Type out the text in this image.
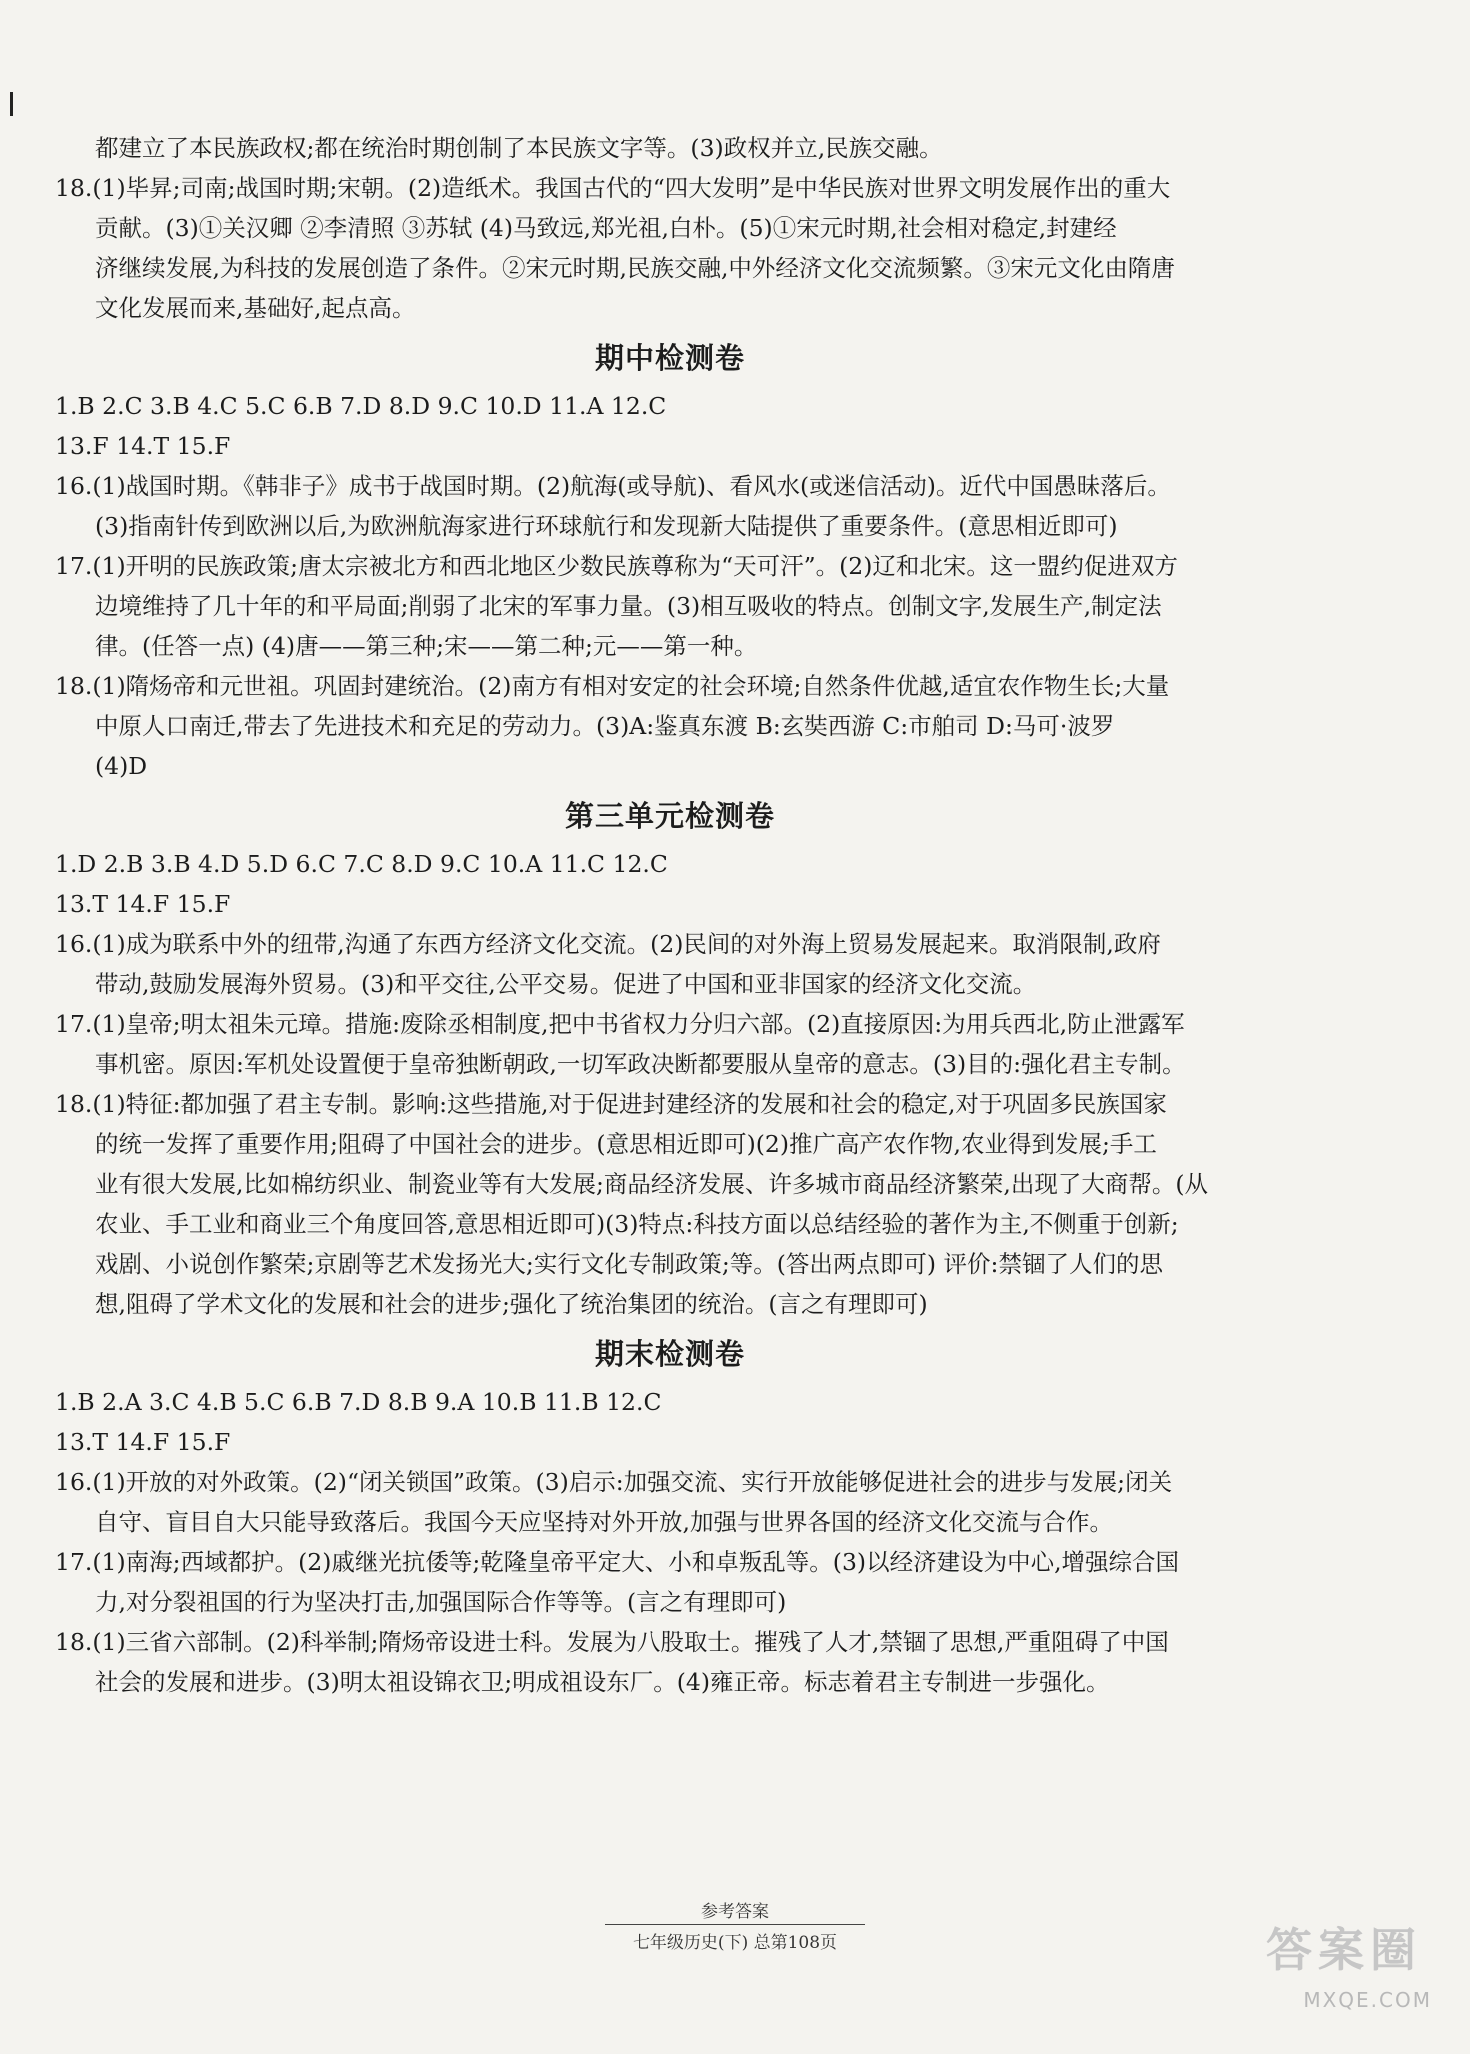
都建立了本民族政权;都在统治时期创制了本民族文字等。(3)政权并立,民族交融。
18.(1)毕昇;司南;战国时期;宋朝。(2)造纸术。我国古代的“四大发明”是中华民族对世界文明发展作出的重大
贡献。(3)①关汉卿 ②李清照 ③苏轼 (4)马致远,郑光祖,白朴。(5)①宋元时期,社会相对稳定,封建经
济继续发展,为科技的发展创造了条件。②宋元时期,民族交融,中外经济文化交流频繁。③宋元文化由隋唐
文化发展而来,基础好,起点高。
期中检测卷
1.B 2.C 3.B 4.C 5.C 6.B 7.D 8.D 9.C 10.D 11.A 12.C
13.F 14.T 15.F
16.(1)战国时期。《韩非子》成书于战国时期。(2)航海(或导航)、看风水(或迷信活动)。近代中国愚昧落后。
(3)指南针传到欧洲以后,为欧洲航海家进行环球航行和发现新大陆提供了重要条件。(意思相近即可)
17.(1)开明的民族政策;唐太宗被北方和西北地区少数民族尊称为“天可汗”。(2)辽和北宋。这一盟约促进双方
边境维持了几十年的和平局面;削弱了北宋的军事力量。(3)相互吸收的特点。创制文字,发展生产,制定法
律。(任答一点) (4)唐——第三种;宋——第二种;元——第一种。
18.(1)隋炀帝和元世祖。巩固封建统治。(2)南方有相对安定的社会环境;自然条件优越,适宜农作物生长;大量
中原人口南迁,带去了先进技术和充足的劳动力。(3)A:鉴真东渡 B:玄奘西游 C:市舶司 D:马可·波罗
(4)D
第三单元检测卷
1.D 2.B 3.B 4.D 5.D 6.C 7.C 8.D 9.C 10.A 11.C 12.C
13.T 14.F 15.F
16.(1)成为联系中外的纽带,沟通了东西方经济文化交流。(2)民间的对外海上贸易发展起来。取消限制,政府
带动,鼓励发展海外贸易。(3)和平交往,公平交易。促进了中国和亚非国家的经济文化交流。
17.(1)皇帝;明太祖朱元璋。措施:废除丞相制度,把中书省权力分归六部。(2)直接原因:为用兵西北,防止泄露军
事机密。原因:军机处设置便于皇帝独断朝政,一切军政决断都要服从皇帝的意志。(3)目的:强化君主专制。
18.(1)特征:都加强了君主专制。影响:这些措施,对于促进封建经济的发展和社会的稳定,对于巩固多民族国家
的统一发挥了重要作用;阻碍了中国社会的进步。(意思相近即可)(2)推广高产农作物,农业得到发展;手工
业有很大发展,比如棉纺织业、制瓷业等有大发展;商品经济发展、许多城市商品经济繁荣,出现了大商帮。(从
农业、手工业和商业三个角度回答,意思相近即可)(3)特点:科技方面以总结经验的著作为主,不侧重于创新;
戏剧、小说创作繁荣;京剧等艺术发扬光大;实行文化专制政策;等。(答出两点即可) 评价:禁锢了人们的思
想,阻碍了学术文化的发展和社会的进步;强化了统治集团的统治。(言之有理即可)
期末检测卷
1.B 2.A 3.C 4.B 5.C 6.B 7.D 8.B 9.A 10.B 11.B 12.C
13.T 14.F 15.F
16.(1)开放的对外政策。(2)“闭关锁国”政策。(3)启示:加强交流、实行开放能够促进社会的进步与发展;闭关
自守、盲目自大只能导致落后。我国今天应坚持对外开放,加强与世界各国的经济文化交流与合作。
17.(1)南海;西域都护。(2)戚继光抗倭等;乾隆皇帝平定大、小和卓叛乱等。(3)以经济建设为中心,增强综合国
力,对分裂祖国的行为坚决打击,加强国际合作等等。(言之有理即可)
18.(1)三省六部制。(2)科举制;隋炀帝设进士科。发展为八股取士。摧残了人才,禁锢了思想,严重阻碍了中国
社会的发展和进步。(3)明太祖设锦衣卫;明成祖设东厂。(4)雍正帝。标志着君主专制进一步强化。
参考答案
七年级历史(下) 总第108页	答案圈
MXQE.COM
